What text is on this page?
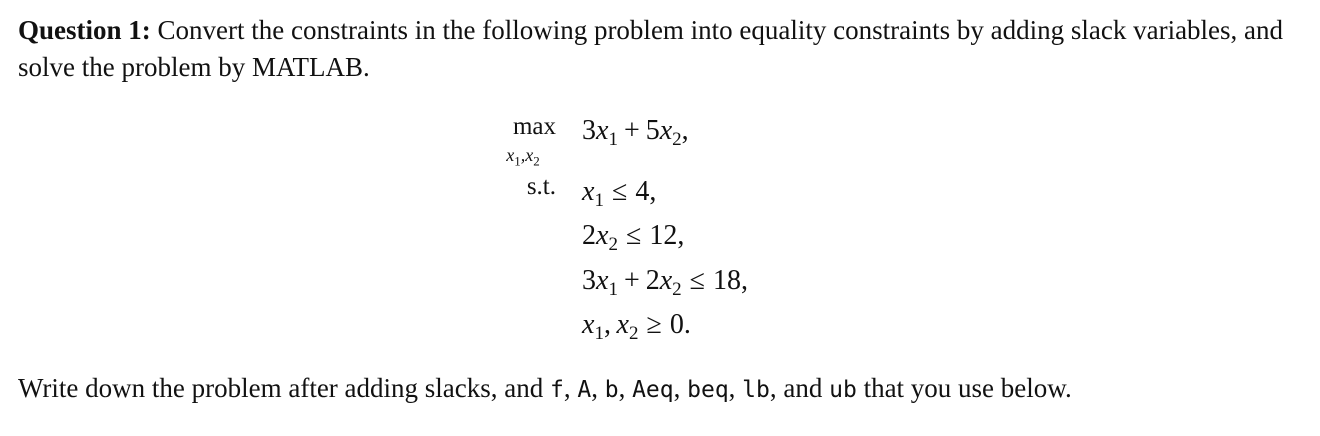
Question 1: Convert the constraints in the following problem into equality constraints by adding slack variables, and solve the problem by MATLAB.

max
$x_1,x_2$
s.t.
$3x_1 + 5x_2$,
$x_1 \le 4$,
$2x_2 \le 12$,
$3x_1 + 2x_2 \le 18$,
$x_1$,  $x_2 \ge 0$.

Write down the problem after adding slacks, and f, A, b, Aeq, beq, lb, and ub that you use below.
